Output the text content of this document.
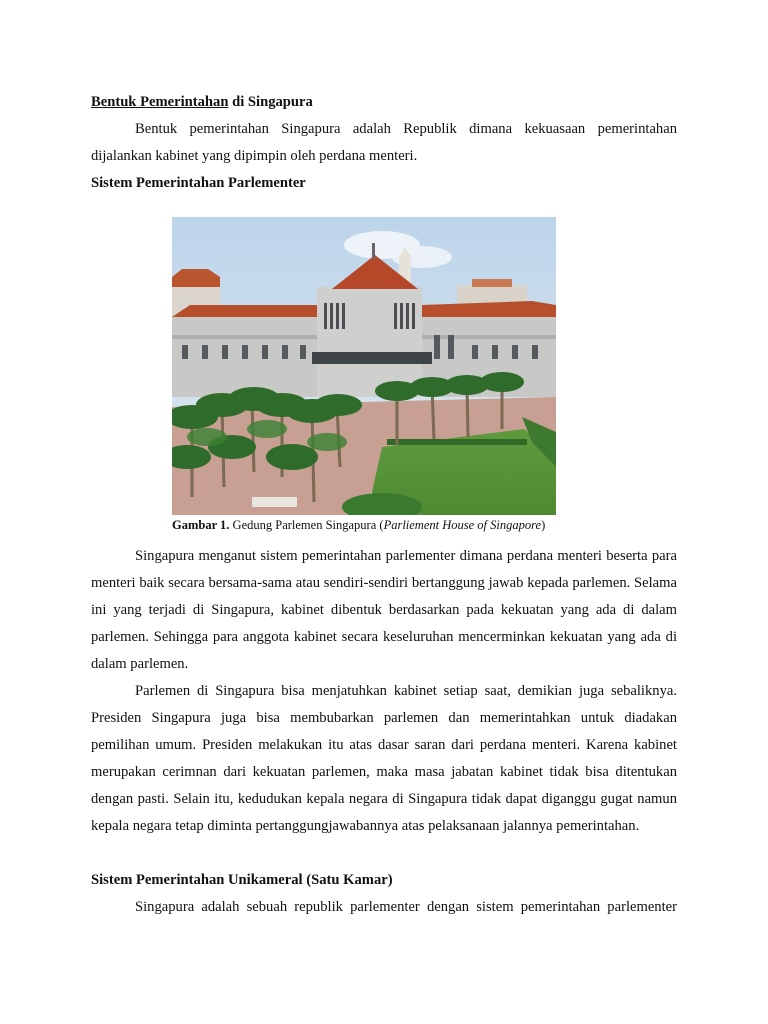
Bentuk Pemerintahan di Singapura

Bentuk pemerintahan Singapura adalah Republik dimana kekuasaan pemerintahan dijalankan kabinet yang dipimpin oleh perdana menteri.

Sistem Pemerintahan Parlementer
Gambar 1. Gedung Parlemen Singapura (Parliement House of Singapore)

Singapura menganut sistem pemerintahan parlementer dimana perdana menteri beserta para menteri baik secara bersama-sama atau sendiri-sendiri bertanggung jawab kepada parlemen. Selama ini yang terjadi di Singapura, kabinet dibentuk berdasarkan pada kekuatan yang ada di dalam parlemen. Sehingga para anggota kabinet secara keseluruhan mencerminkan kekuatan yang ada di dalam parlemen.

Parlemen di Singapura bisa menjatuhkan kabinet setiap saat, demikian juga sebaliknya. Presiden Singapura juga bisa membubarkan parlemen dan memerintahkan untuk diadakan pemilihan umum. Presiden melakukan itu atas dasar saran dari perdana menteri. Karena kabinet merupakan cerimnan dari kekuatan parlemen, maka masa jabatan kabinet tidak bisa ditentukan dengan pasti. Selain itu, kedudukan kepala negara di Singapura tidak dapat diganggu gugat namun kepala negara tetap diminta pertanggungjawabannya atas pelaksanaan jalannya pemerintahan.

Sistem Pemerintahan Unikameral (Satu Kamar)

Singapura adalah sebuah republik parlementer dengan sistem pemerintahan parlementer
